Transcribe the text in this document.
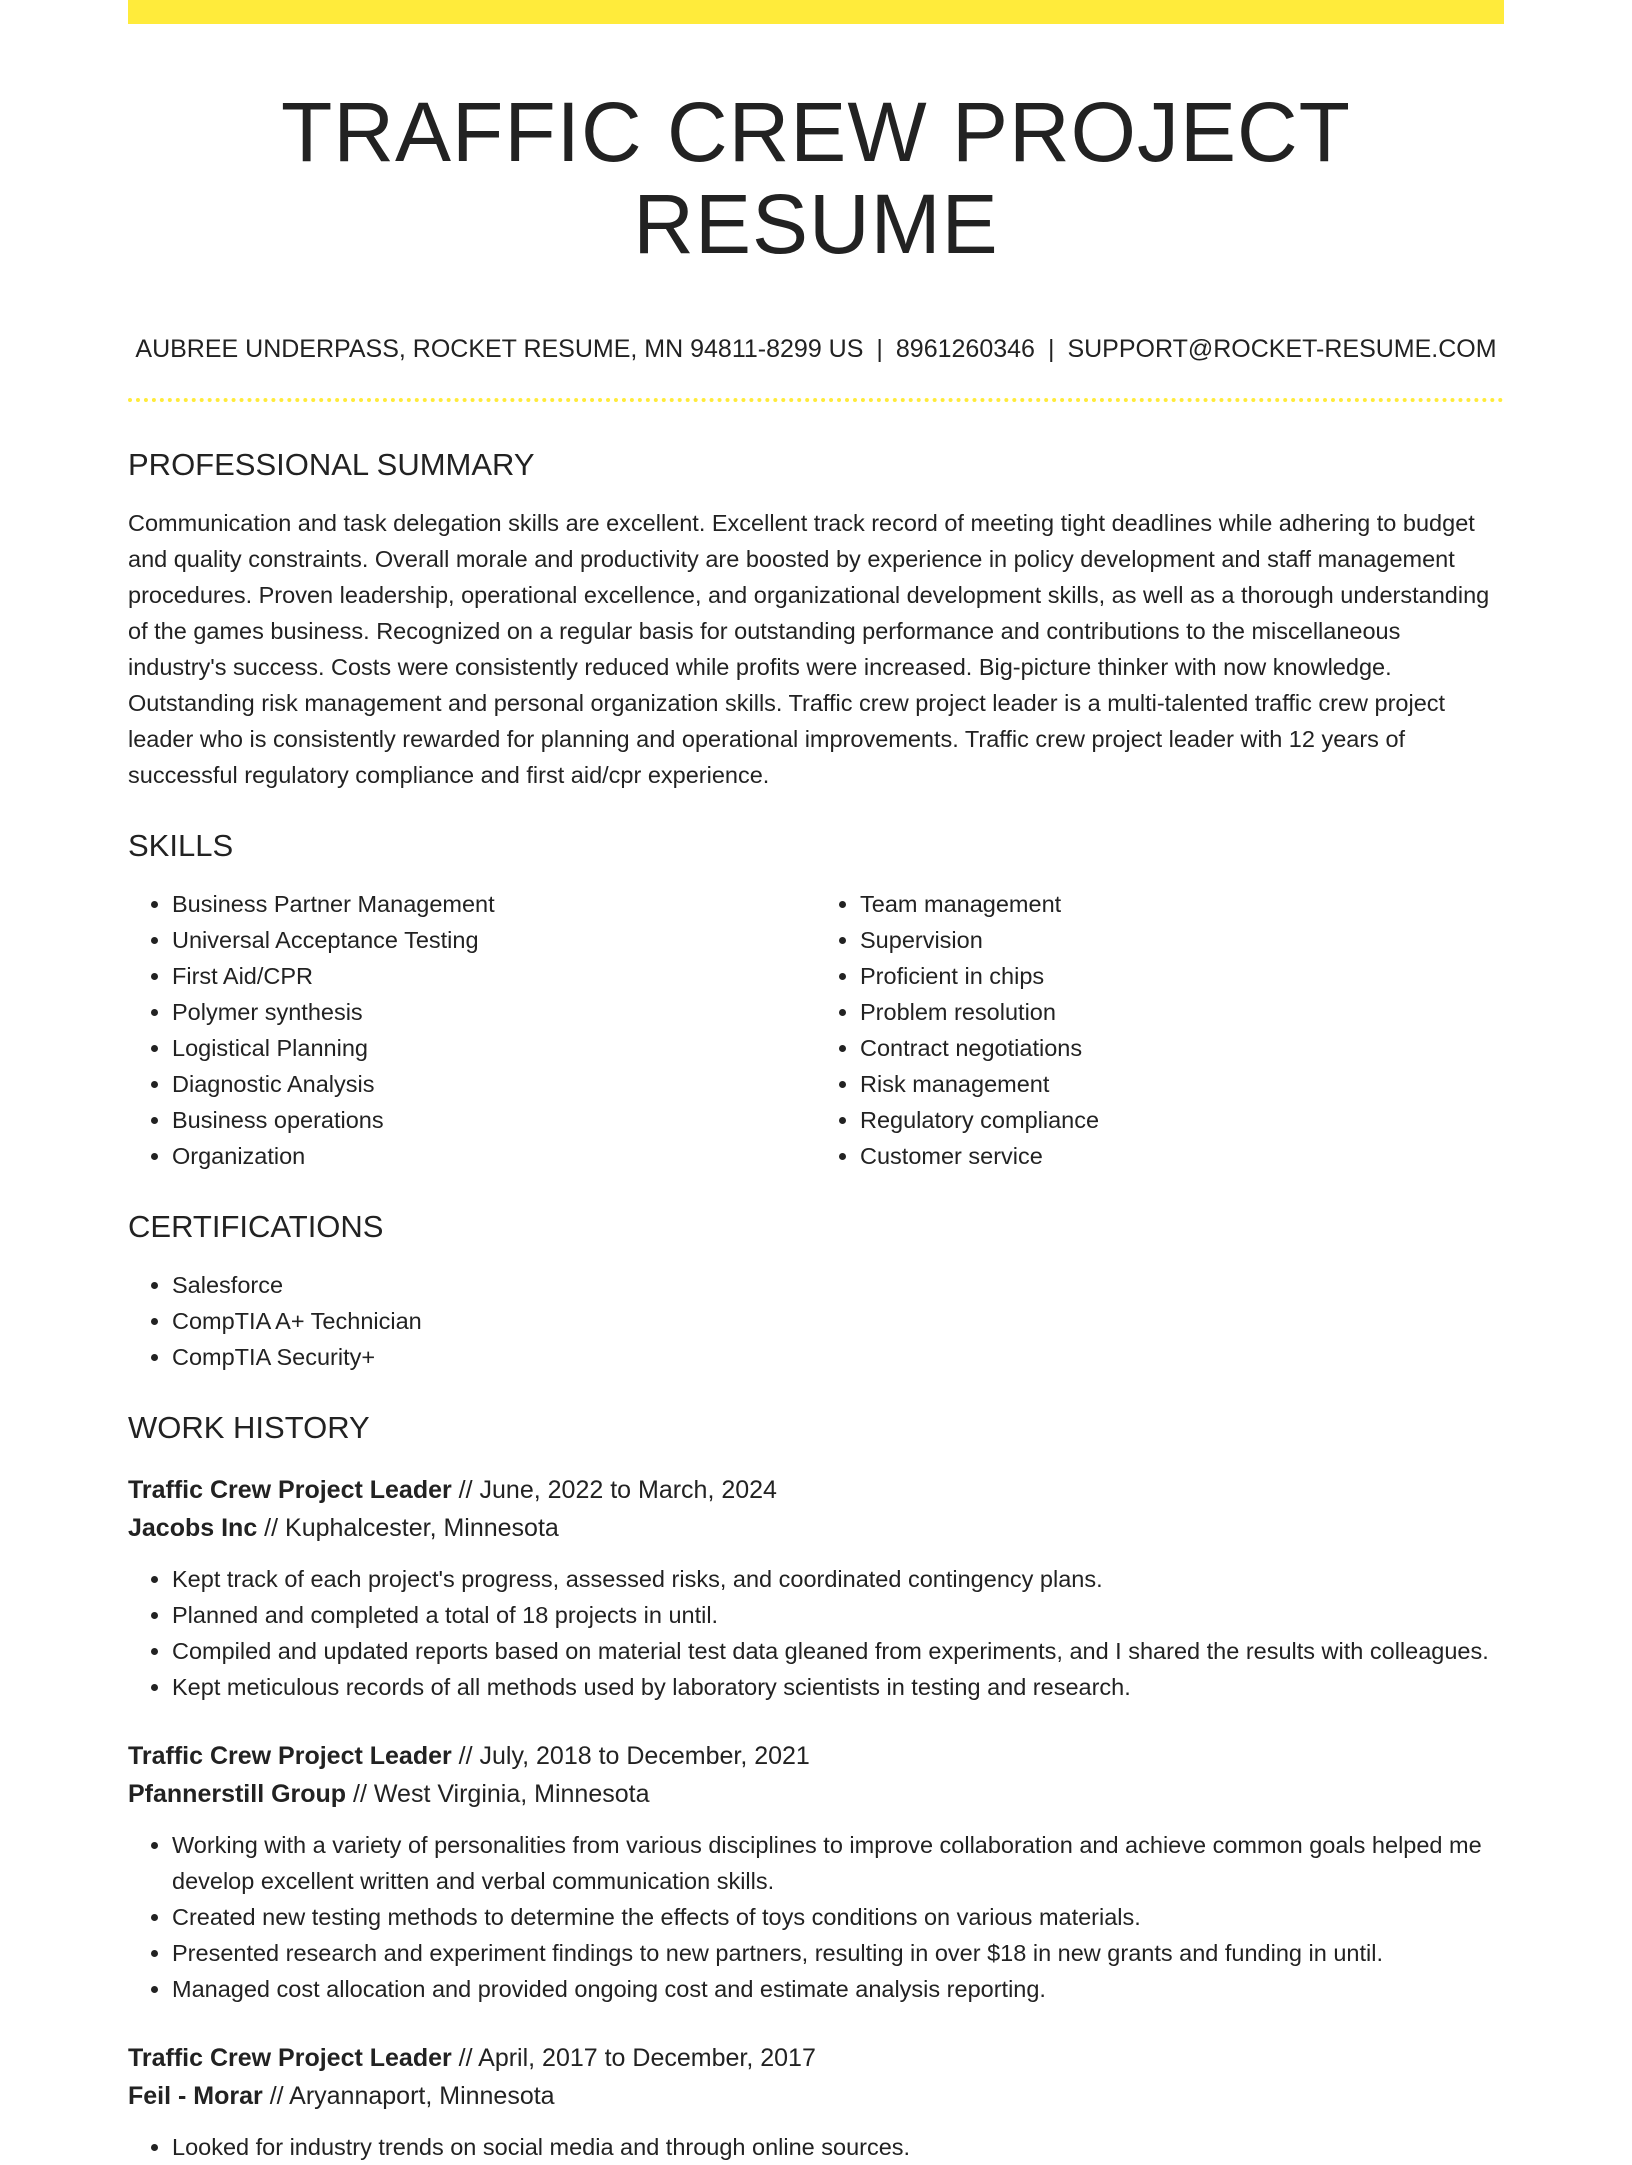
TRAFFIC CREW PROJECT RESUME
AUBREE UNDERPASS, ROCKET RESUME, MN 94811-8299 US | 8961260346 | SUPPORT@ROCKET-RESUME.COM
PROFESSIONAL SUMMARY

Communication and task delegation skills are excellent. Excellent track record of meeting tight deadlines while adhering to budget and quality constraints. Overall morale and productivity are boosted by experience in policy development and staff management procedures. Proven leadership, operational excellence, and organizational development skills, as well as a thorough understanding of the games business. Recognized on a regular basis for outstanding performance and contributions to the miscellaneous industry's success. Costs were consistently reduced while profits were increased. Big-picture thinker with now knowledge. Outstanding risk management and personal organization skills. Traffic crew project leader is a multi-talented traffic crew project leader who is consistently rewarded for planning and operational improvements. Traffic crew project leader with 12 years of successful regulatory compliance and first aid/cpr experience.

SKILLS
• Business Partner Management
• Universal Acceptance Testing
• First Aid/CPR
• Polymer synthesis
• Logistical Planning
• Diagnostic Analysis
• Business operations
• Organization
• Team management
• Supervision
• Proficient in chips
• Problem resolution
• Contract negotiations
• Risk management
• Regulatory compliance
• Customer service
CERTIFICATIONS
• Salesforce
• CompTIA A+ Technician
• CompTIA Security+
WORK HISTORY
Traffic Crew Project Leader // June, 2022 to March, 2024
Jacobs Inc // Kuphalcester, Minnesota
• Kept track of each project's progress, assessed risks, and coordinated contingency plans.
• Planned and completed a total of 18 projects in until.
• Compiled and updated reports based on material test data gleaned from experiments, and I shared the results with colleagues.
• Kept meticulous records of all methods used by laboratory scientists in testing and research.
Traffic Crew Project Leader // July, 2018 to December, 2021
Pfannerstill Group // West Virginia, Minnesota
• Working with a variety of personalities from various disciplines to improve collaboration and achieve common goals helped me develop excellent written and verbal communication skills.
• Created new testing methods to determine the effects of toys conditions on various materials.
• Presented research and experiment findings to new partners, resulting in over $18 in new grants and funding in until.
• Managed cost allocation and provided ongoing cost and estimate analysis reporting.
Traffic Crew Project Leader // April, 2017 to December, 2017
Feil - Morar // Aryannaport, Minnesota
• Looked for industry trends on social media and through online sources.
